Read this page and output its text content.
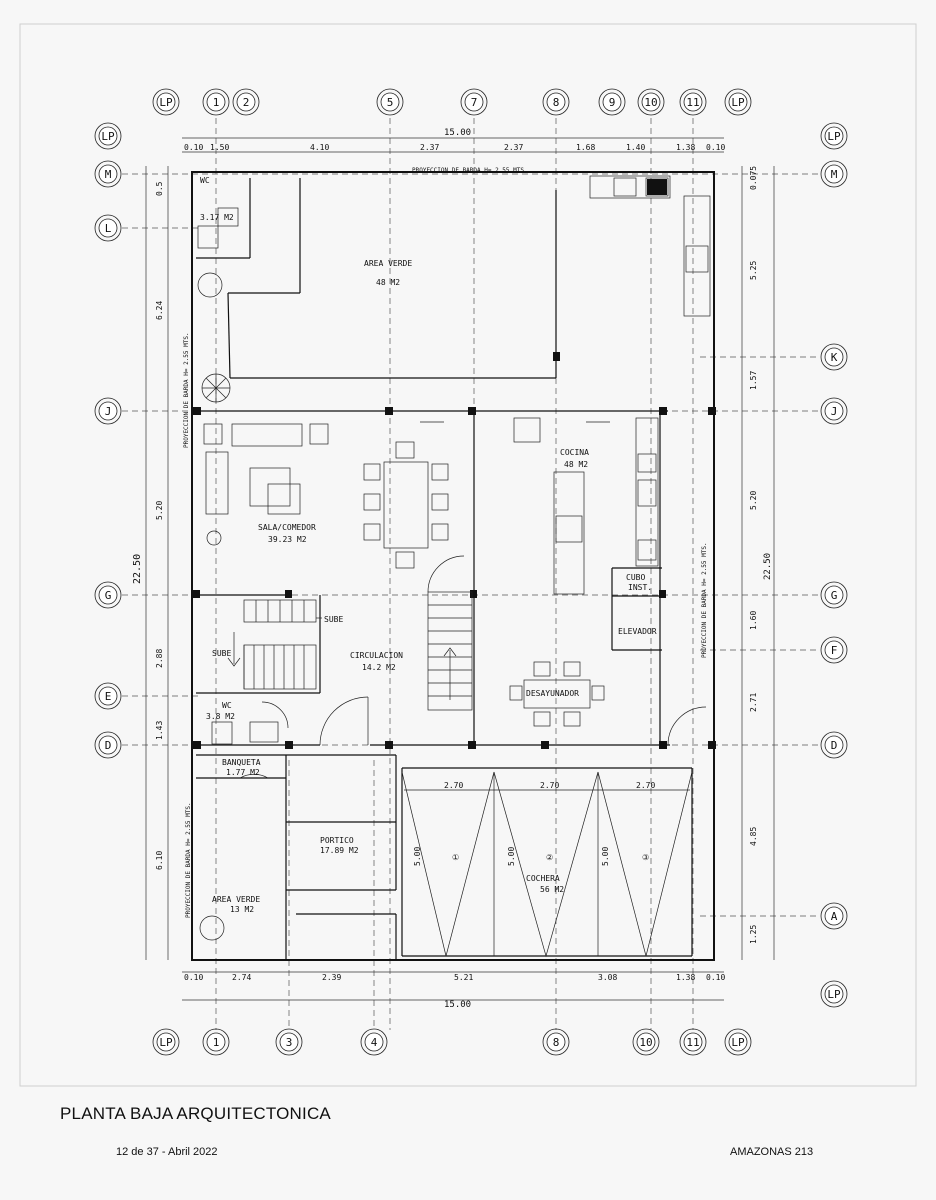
LP	1 2	5	7	8	9	10	11	LP
LP	1	3	4	8	10	11	LP
LP
M
L
J
G
E
D
LP
M
K
J
G
F
D
A
LP
15.00
15.00
PROYECCION DE BARDA H= 2.55 MTS.
WC
3.17 M2
AREA VERDE
48 M2
SALA/COMEDOR
39.23 M2
COCINA
48 M2
CUBO
INST.
ELEVADOR
CIRCULACION
14.2 M2
DESAYUNADOR
WC
3.8 M2
BANQUETA
1.77 M2
PORTICO
17.89 M2
COCHERA
56 M2
AREA VERDE
13 M2
SUBE
SUBE
PROYECCION DE BARDA H= 2.55 MTS.
PROYECCION DE BARDA H= 2.55 MTS.
PROYECCION DE BARDA H= 2.55 MTS.
22.50	22.50
0.10 1.50	4.10	2.37	2.37	1.68	1.40	1.38 0.10
0.10	2.74	2.39	5.21	3.08	1.38 0.10
0.5
6.24
5.20
2.88
1.43
6.10
0.075
5.25
1.57
5.20
1.60
2.71
4.85
1.25
2.70	2.70	2.70
5.00	5.00	5.00
①	②	③
PLANTA BAJA ARQUITECTONICA
12 de 37 - Abril 2022	AMAZONAS 213
